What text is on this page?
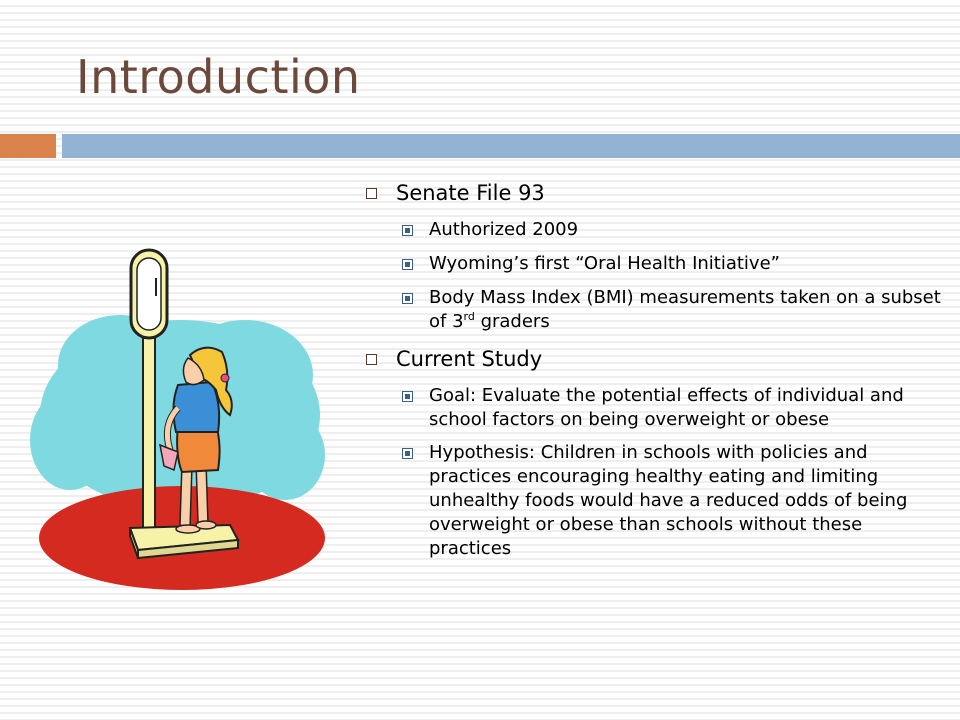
Introduction
Senate File 93
Authorized 2009
Wyoming’s first “Oral Health Initiative”
Body Mass Index (BMI) measurements taken on a subset of 3rd graders
Current Study
Goal: Evaluate the potential effects of individual and school factors on being overweight or obese
Hypothesis: Children in schools with policies and practices encouraging healthy eating and limiting unhealthy foods would have a reduced odds of being overweight or obese than schools without these practices
